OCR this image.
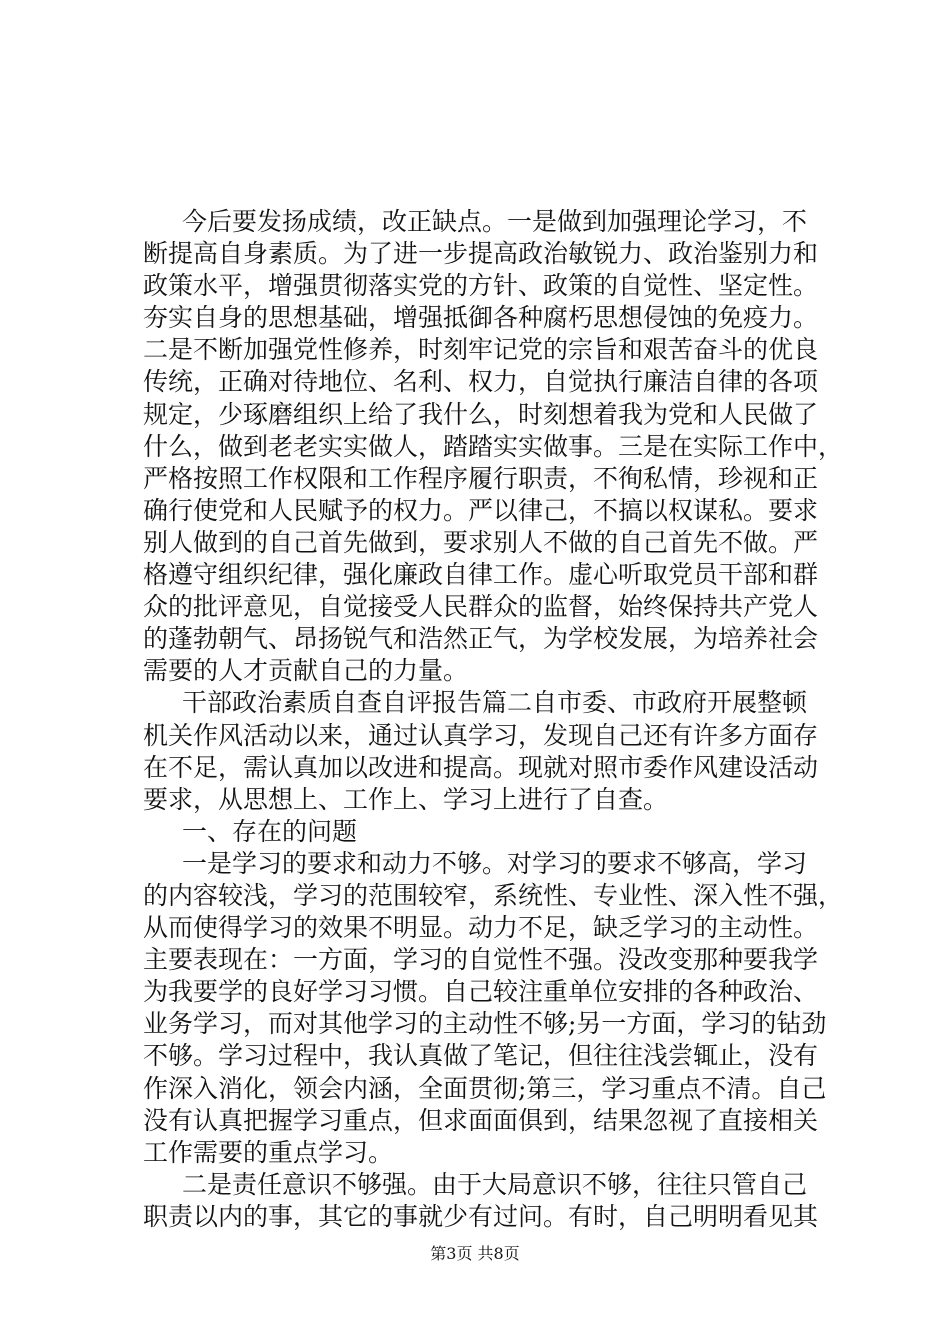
今后要发扬成绩，改正缺点。一是做到加强理论学习，不
断提高自身素质。为了进一步提高政治敏锐力、政治鉴别力和
政策水平，增强贯彻落实党的方针、政策的自觉性、坚定性。
夯实自身的思想基础，增强抵御各种腐朽思想侵蚀的免疫力。
二是不断加强党性修养，时刻牢记党的宗旨和艰苦奋斗的优良
传统，正确对待地位、名利、权力，自觉执行廉洁自律的各项
规定，少琢磨组织上给了我什么，时刻想着我为党和人民做了
什么，做到老老实实做人，踏踏实实做事。三是在实际工作中，
严格按照工作权限和工作程序履行职责，不徇私情，珍视和正
确行使党和人民赋予的权力。严以律己，不搞以权谋私。要求
别人做到的自己首先做到，要求别人不做的自己首先不做。严
格遵守组织纪律，强化廉政自律工作。虚心听取党员干部和群
众的批评意见，自觉接受人民群众的监督，始终保持共产党人
的蓬勃朝气、昂扬锐气和浩然正气，为学校发展，为培养社会
需要的人才贡献自己的力量。
干部政治素质自查自评报告篇二自市委、市政府开展整顿
机关作风活动以来，通过认真学习，发现自己还有许多方面存
在不足，需认真加以改进和提高。现就对照市委作风建设活动
要求，从思想上、工作上、学习上进行了自查。
一、存在的问题
一是学习的要求和动力不够。对学习的要求不够高，学习
的内容较浅，学习的范围较窄，系统性、专业性、深入性不强，
从而使得学习的效果不明显。动力不足，缺乏学习的主动性。
主要表现在：一方面，学习的自觉性不强。没改变那种要我学
为我要学的良好学习习惯。自己较注重单位安排的各种政治、
业务学习，而对其他学习的主动性不够;另一方面，学习的钻劲
不够。学习过程中，我认真做了笔记，但往往浅尝辄止，没有
作深入消化，领会内涵，全面贯彻;第三，学习重点不清。自己
没有认真把握学习重点，但求面面俱到，结果忽视了直接相关
工作需要的重点学习。
二是责任意识不够强。由于大局意识不够，往往只管自己
职责以内的事，其它的事就少有过问。有时，自己明明看见其
第3页 共8页
